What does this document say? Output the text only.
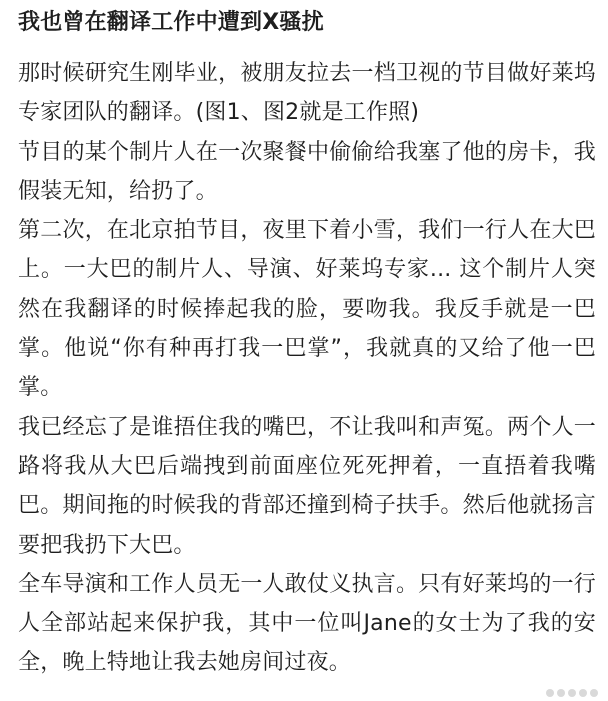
我也曾在翻译工作中遭到X骚扰

那时候研究生刚毕业，被朋友拉去一档卫视的节目做好莱坞专家团队的翻译。(图1、图2就是工作照)

节目的某个制片人在一次聚餐中偷偷给我塞了他的房卡，我假装无知，给扔了。

第二次，在北京拍节目，夜里下着小雪，我们一行人在大巴上。一大巴的制片人、导演、好莱坞专家... 这个制片人突然在我翻译的时候捧起我的脸，要吻我。我反手就是一巴掌。他说“你有种再打我一巴掌”，我就真的又给了他一巴掌。

我已经忘了是谁捂住我的嘴巴，不让我叫和声冤。两个人一路将我从大巴后端拽到前面座位死死押着，一直捂着我嘴巴。期间拖的时候我的背部还撞到椅子扶手。然后他就扬言要把我扔下大巴。

全车导演和工作人员无一人敢仗义执言。只有好莱坞的一行人全部站起来保护我，其中一位叫Jane的女士为了我的安全，晚上特地让我去她房间过夜。
